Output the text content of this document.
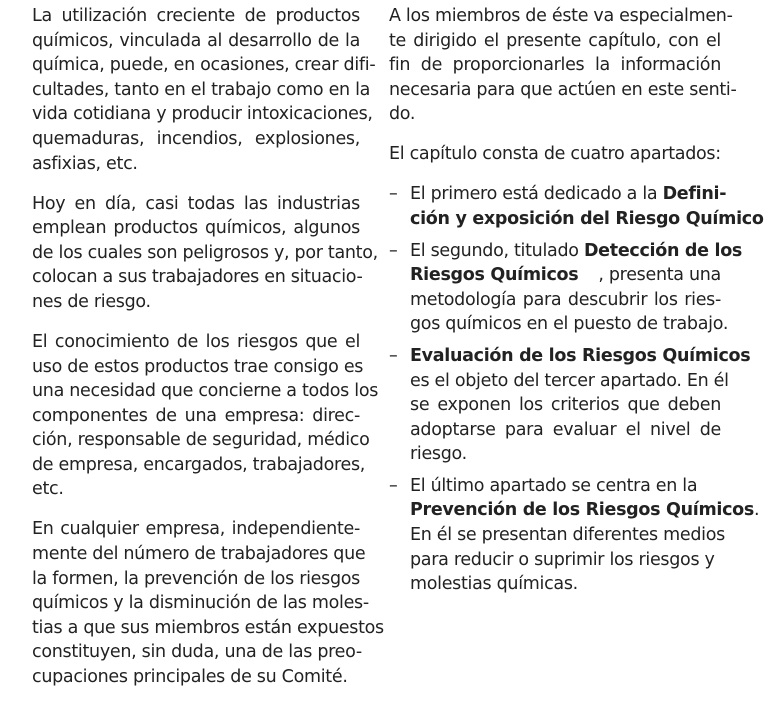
La utilización creciente de productos
químicos, vinculada al desarrollo de la
química, puede, en ocasiones, crear difi-
cultades, tanto en el trabajo como en la
vida cotidiana y producir intoxicaciones,
quemaduras, incendios, explosiones,
asfixias, etc.
Hoy en día, casi todas las industrias
emplean productos químicos, algunos
de los cuales son peligrosos y, por tanto,
colocan a sus trabajadores en situacio-
nes de riesgo.
El conocimiento de los riesgos que el
uso de estos productos trae consigo es
una necesidad que concierne a todos los
componentes de una empresa: direc-
ción, responsable de seguridad, médico
de empresa, encargados, trabajadores,
etc.
En cualquier empresa, independiente-
mente del número de trabajadores que
la formen, la prevención de los riesgos
químicos y la disminución de las moles-
tias a que sus miembros están expuestos
constituyen, sin duda, una de las preo-
cupaciones principales de su Comité.
A los miembros de éste va especialmen-
te dirigido el presente capítulo, con el
fin de proporcionarles la información
necesaria para que actúen en este senti-
do.
El capítulo consta de cuatro apartados:
– El primero está dedicado a la Defini-
ción y exposición del Riesgo Químico
– El segundo, titulado Detección de los
Riesgos Químicos , presenta una
metodología para descubrir los ries-
gos químicos en el puesto de trabajo.
– Evaluación de los Riesgos Químicos
es el objeto del tercer apartado. En él
se exponen los criterios que deben
adoptarse para evaluar el nivel de
riesgo.
– El último apartado se centra en la
Prevención de los Riesgos Químicos.
En él se presentan diferentes medios
para reducir o suprimir los riesgos y
molestias químicas.
